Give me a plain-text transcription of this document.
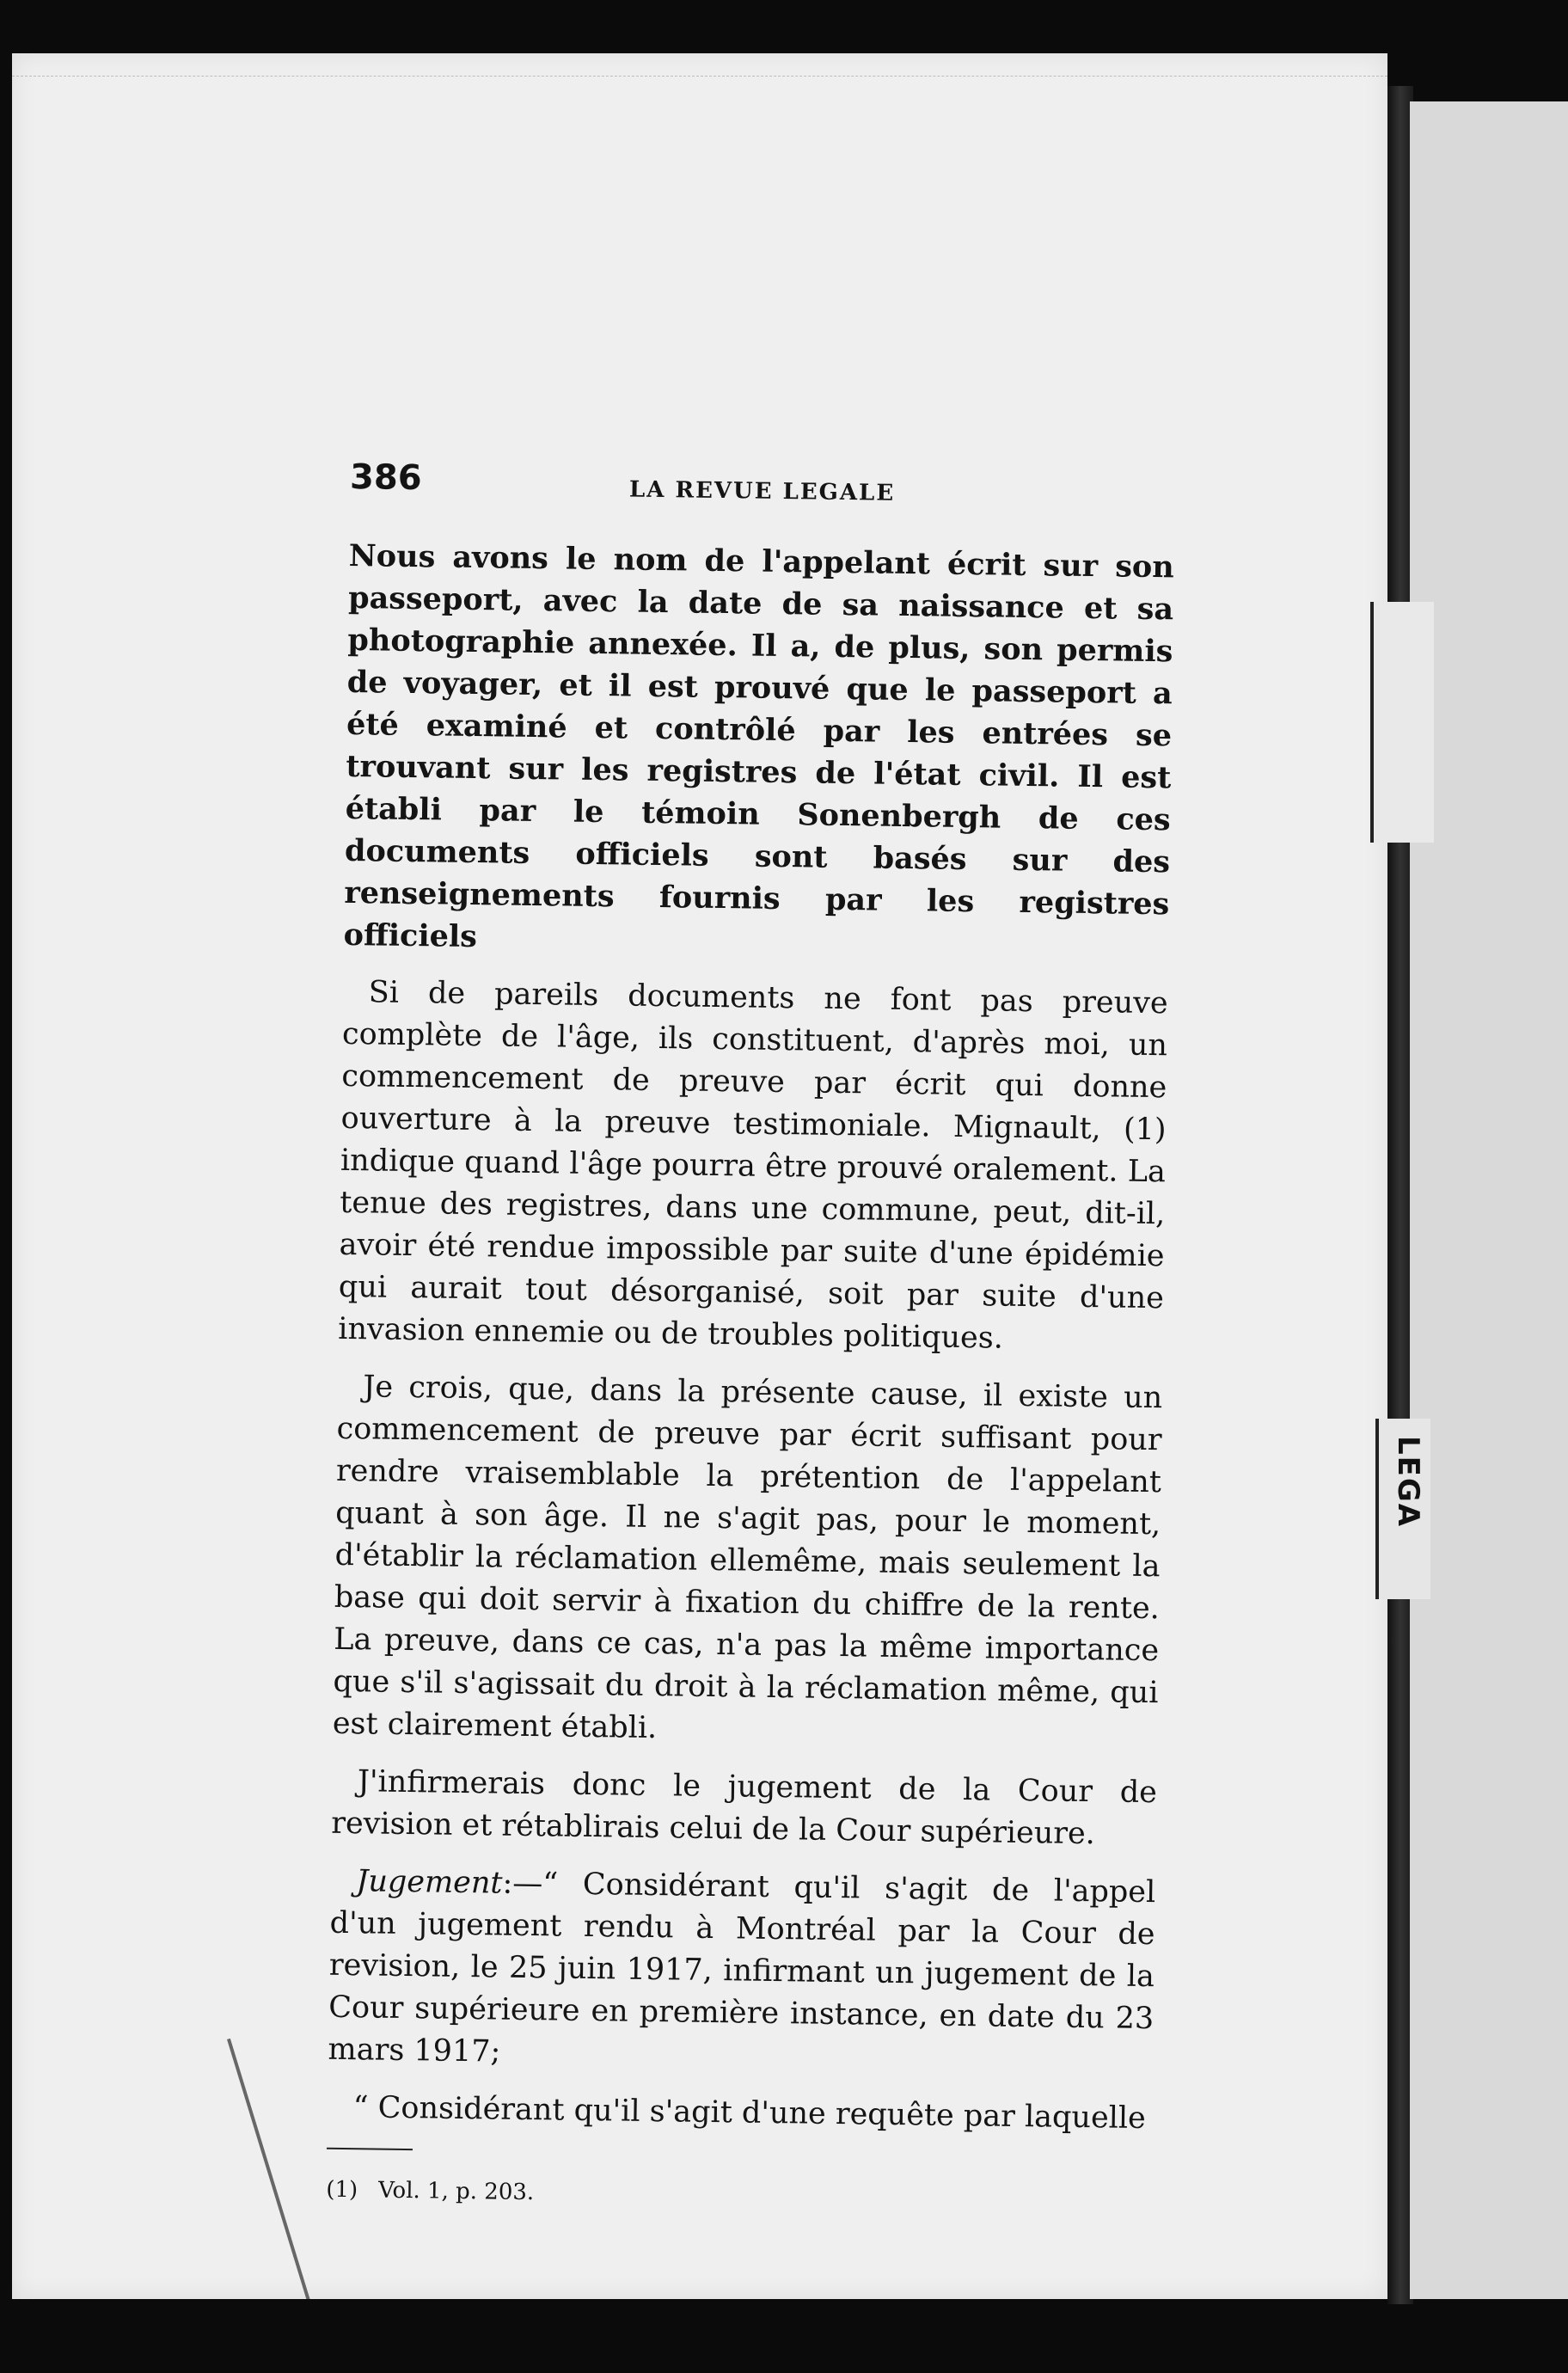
386	LA REVUE LEGALE

Nous avons le nom de l'appelant écrit sur son passeport, avec la date de sa naissance et sa photographie annexée. Il a, de plus, son permis de voyager, et il est prouvé que le passeport a été examiné et contrôlé par les entrées se trouvant sur les registres de l'état civil. Il est établi par le témoin Sonenbergh de ces documents officiels sont basés sur des renseignements fournis par les registres officiels

Si de pareils documents ne font pas preuve complète de l'âge, ils constituent, d'après moi, un commencement de preuve par écrit qui donne ouverture à la preuve testimoniale. Mignault, (1) indique quand l'âge pourra être prouvé oralement. La tenue des registres, dans une commune, peut, dit-il, avoir été rendue impossible par suite d'une épidémie qui aurait tout désorganisé, soit par suite d'une invasion ennemie ou de troubles politiques.

Je crois, que, dans la présente cause, il existe un commencement de preuve par écrit suffisant pour rendre vraisemblable la prétention de l'appelant quant à son âge. Il ne s'agit pas, pour le moment, d'établir la réclamation ellemême, mais seulement la base qui doit servir à fixation du chiffre de la rente. La preuve, dans ce cas, n'a pas la même importance que s'il s'agissait du droit à la réclamation même, qui est clairement établi.

J'infirmerais donc le jugement de la Cour de revision et rétablirais celui de la Cour supérieure.

Jugement:—“ Considérant qu'il s'agit de l'appel d'un jugement rendu à Montréal par la Cour de revision, le 25 juin 1917, infirmant un jugement de la Cour supérieure en première instance, en date du 23 mars 1917;

“ Considérant qu'il s'agit d'une requête par laquelle

(1) Vol. 1, p. 203.
LEGA
